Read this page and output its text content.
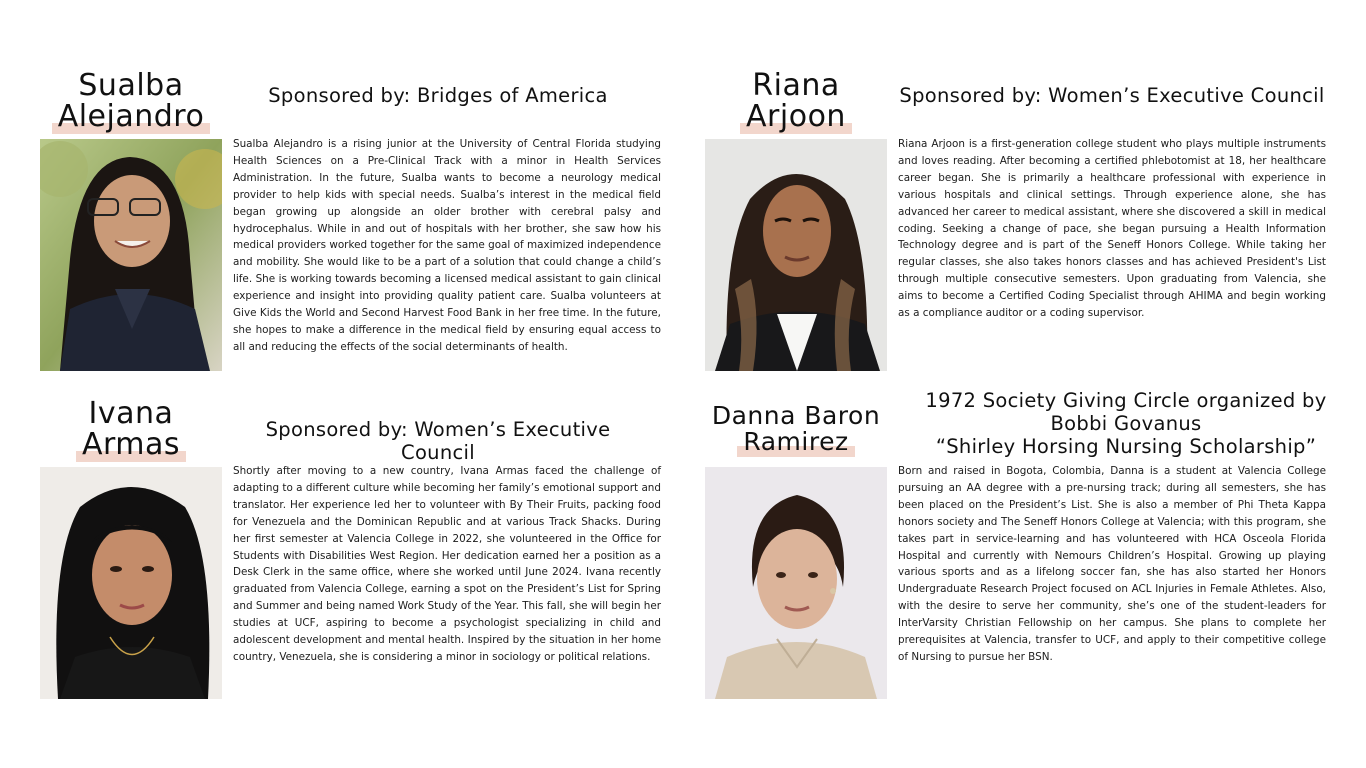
Sualba
Alejandro
Sponsored by: Bridges of America

Sualba Alejandro is a rising junior at the University of Central Florida studying Health Sciences on a Pre-Clinical Track with a minor in Health Services Administration. In the future, Sualba wants to become a neurology medical provider to help kids with special needs. Sualba’s interest in the medical field began growing up alongside an older brother with cerebral palsy and hydrocephalus. While in and out of hospitals with her brother, she saw how his medical providers worked together for the same goal of maximized independence and mobility. She would like to be a part of a solution that could change a child’s life. She is working towards becoming a licensed medical assistant to gain clinical experience and insight into providing quality patient care. Sualba volunteers at Give Kids the World and Second Harvest Food Bank in her free time. In the future, she hopes to make a difference in the medical field by ensuring equal access to all and reducing the effects of the social determinants of health.

Riana
Arjoon
Sponsored by: Women’s Executive Council

Riana Arjoon is a first-generation college student who plays multiple instruments and loves reading. After becoming a certified phlebotomist at 18, her healthcare career began. She is primarily a healthcare professional with experience in various hospitals and clinical settings. Through experience alone, she has advanced her career to medical assistant, where she discovered a skill in medical coding. Seeking a change of pace, she began pursuing a Health Information Technology degree and is part of the Seneff Honors College. While taking her regular classes, she also takes honors classes and has achieved President's List through multiple consecutive semesters. Upon graduating from Valencia, she aims to become a Certified Coding Specialist through AHIMA and begin working as a compliance auditor or a coding supervisor.

Ivana
Armas	Sponsored by: Women’s Executive Council

Shortly after moving to a new country, Ivana Armas faced the challenge of adapting to a different culture while becoming her family’s emotional support and translator. Her experience led her to volunteer with By Their Fruits, packing food for Venezuela and the Dominican Republic and at various Track Shacks. During her first semester at Valencia College in 2022, she volunteered in the Office for Students with Disabilities West Region. Her dedication earned her a position as a Desk Clerk in the same office, where she worked until June 2024. Ivana recently graduated from Valencia College, earning a spot on the President’s List for Spring and Summer and being named Work Study of the Year. This fall, she will begin her studies at UCF, aspiring to become a psychologist specializing in child and adolescent development and mental health. Inspired by the situation in her home country, Venezuela, she is considering a minor in sociology or political relations.

Danna Baron
Ramirez
1972 Society Giving Circle organized by
Bobbi Govanus
“Shirley Horsing Nursing Scholarship”

Born and raised in Bogota, Colombia, Danna is a student at Valencia College pursuing an AA degree with a pre-nursing track; during all semesters, she has been placed on the President’s List. She is also a member of Phi Theta Kappa honors society and The Seneff Honors College at Valencia; with this program, she takes part in service-learning and has volunteered with HCA Osceola Florida Hospital and currently with Nemours Children’s Hospital. Growing up playing various sports and as a lifelong soccer fan, she has also started her Honors Undergraduate Research Project focused on ACL Injuries in Female Athletes. Also, with the desire to serve her community, she’s one of the student-leaders for InterVarsity Christian Fellowship on her campus. She plans to complete her prerequisites at Valencia, transfer to UCF, and apply to their competitive college of Nursing to pursue her BSN.
